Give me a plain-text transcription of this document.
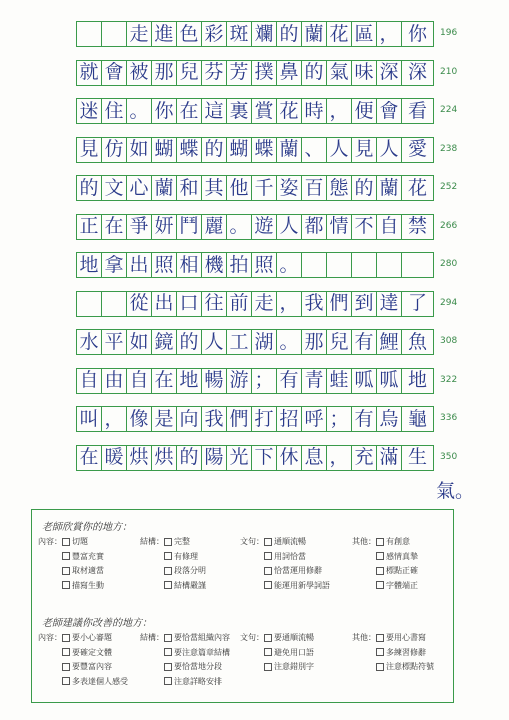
走 進 色 彩 斑 斕 的 蘭 花 區 ， 你
就 會 被 那 兒 芬 芳 撲 鼻 的 氣 味 深 深
迷 住 。 你 在 這 裏 賞 花 時 ， 便 會 看
見 仿 如 蝴 蝶 的 蝴 蝶 蘭 、 人 見 人 愛
的 文 心 蘭 和 其 他 千 姿 百 態 的 蘭 花
正 在 爭 妍 鬥 麗 。 遊 人 都 情 不 自 禁
地 拿 出 照 相 機 拍 照 。
從 出 口 往 前 走 ， 我 們 到 達 了
水 平 如 鏡 的 人 工 湖 。 那 兒 有 鯉 魚
自 由 自 在 地 暢 游 ； 有 青 蛙 呱 呱 地
叫 ， 像 是 向 我 們 打 招 呼 ； 有 烏 龜
在 暖 烘 烘 的 陽 光 下 休 息 ， 充 滿 生
氣。
老師欣賞你的地方：
內容： 切題
豐富充實
取材適當
描寫生動
結構： 完整
有條理
段落分明
結構嚴謹
文句： 通順流暢
用詞恰當
恰當運用修辭
能運用新學詞語
其他： 有創意
感情真摯
標點正確
字體端正
老師建議你改善的地方：
內容： 要小心審題
要確定文體
要豐富內容
多表達個人感受
結構： 要恰當組織內容
要注意篇章結構
要恰當地分段
注意詳略安排
文句： 要通順流暢
避免用口語
注意錯別字
其他： 要用心書寫
多練習修辭
注意標點符號
196
210
224
238
252
266
280
294
308
322
336
350
